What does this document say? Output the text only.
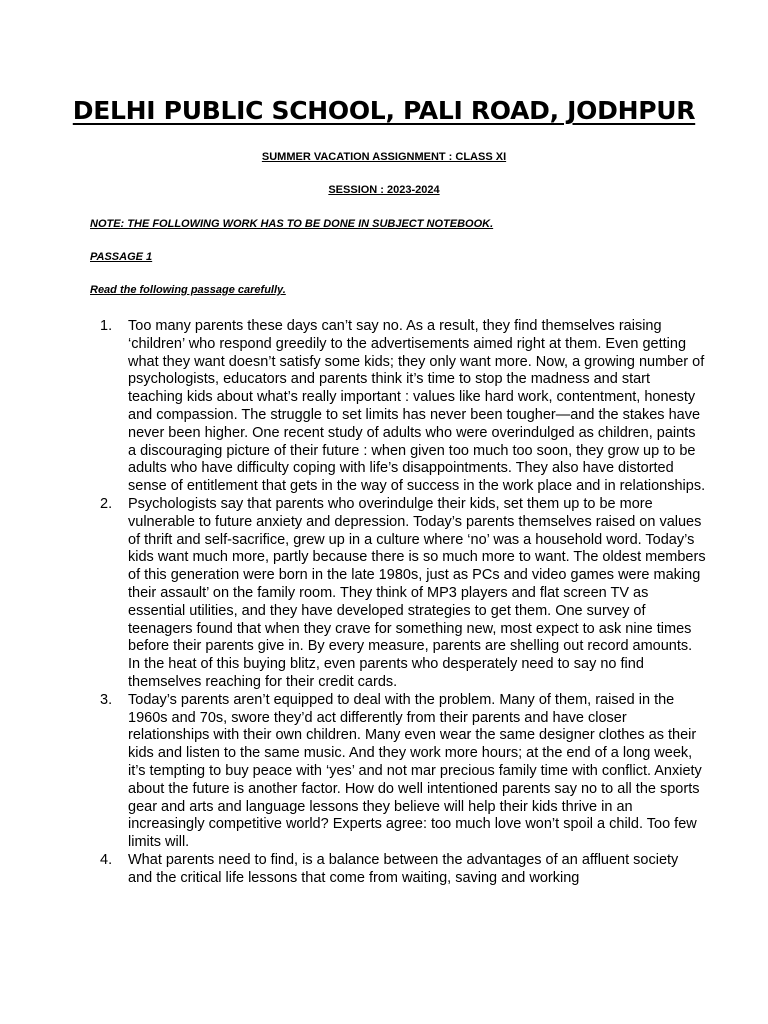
DELHI PUBLIC SCHOOL, PALI ROAD, JODHPUR

SUMMER VACATION ASSIGNMENT : CLASS XI

SESSION : 2023-2024

NOTE: THE FOLLOWING WORK HAS TO BE DONE IN SUBJECT NOTEBOOK.

PASSAGE 1

Read the following passage carefully.

1. Too many parents these days can’t say no. As a result, they find themselves raising ‘children’ who respond greedily to the advertisements aimed right at them. Even getting what they want doesn’t satisfy some kids; they only want more. Now, a growing number of psychologists, educators and parents think it’s time to stop the madness and start teaching kids about what’s really important : values like hard work, contentment, honesty and compassion. The struggle to set limits has never been tougher—and the stakes have never been higher. One recent study of adults who were overindulged as children, paints a discouraging picture of their future : when given too much too soon, they grow up to be adults who have difficulty coping with life’s disappointments. They also have distorted sense of entitlement that gets in the way of success in the work place and in relationships.
2. Psychologists say that parents who overindulge their kids, set them up to be more vulnerable to future anxiety and depression. Today’s parents themselves raised on values of thrift and self-sacrifice, grew up in a culture where ‘no’ was a household word. Today’s kids want much more, partly because there is so much more to want. The oldest members of this generation were born in the late 1980s, just as PCs and video games were making their assault’ on the family room. They think of MP3 players and flat screen TV as essential utilities, and they have developed strategies to get them. One survey of teenagers found that when they crave for something new, most expect to ask nine times before their parents give in. By every measure, parents are shelling out record amounts. In the heat of this buying blitz, even parents who desperately need to say no find themselves reaching for their credit cards.
3. Today’s parents aren’t equipped to deal with the problem. Many of them, raised in the 1960s and 70s, swore they’d act differently from their parents and have closer relationships with their own children. Many even wear the same designer clothes as their kids and listen to the same music. And they work more hours; at the end of a long week, it’s tempting to buy peace with ‘yes’ and not mar precious family time with conflict. Anxiety about the future is another factor. How do well intentioned parents say no to all the sports gear and arts and language lessons they believe will help their kids thrive in an increasingly competitive world? Experts agree: too much love won’t spoil a child. Too few limits will.
4. What parents need to find, is a balance between the advantages of an affluent society and the critical life lessons that come from waiting, saving and working
